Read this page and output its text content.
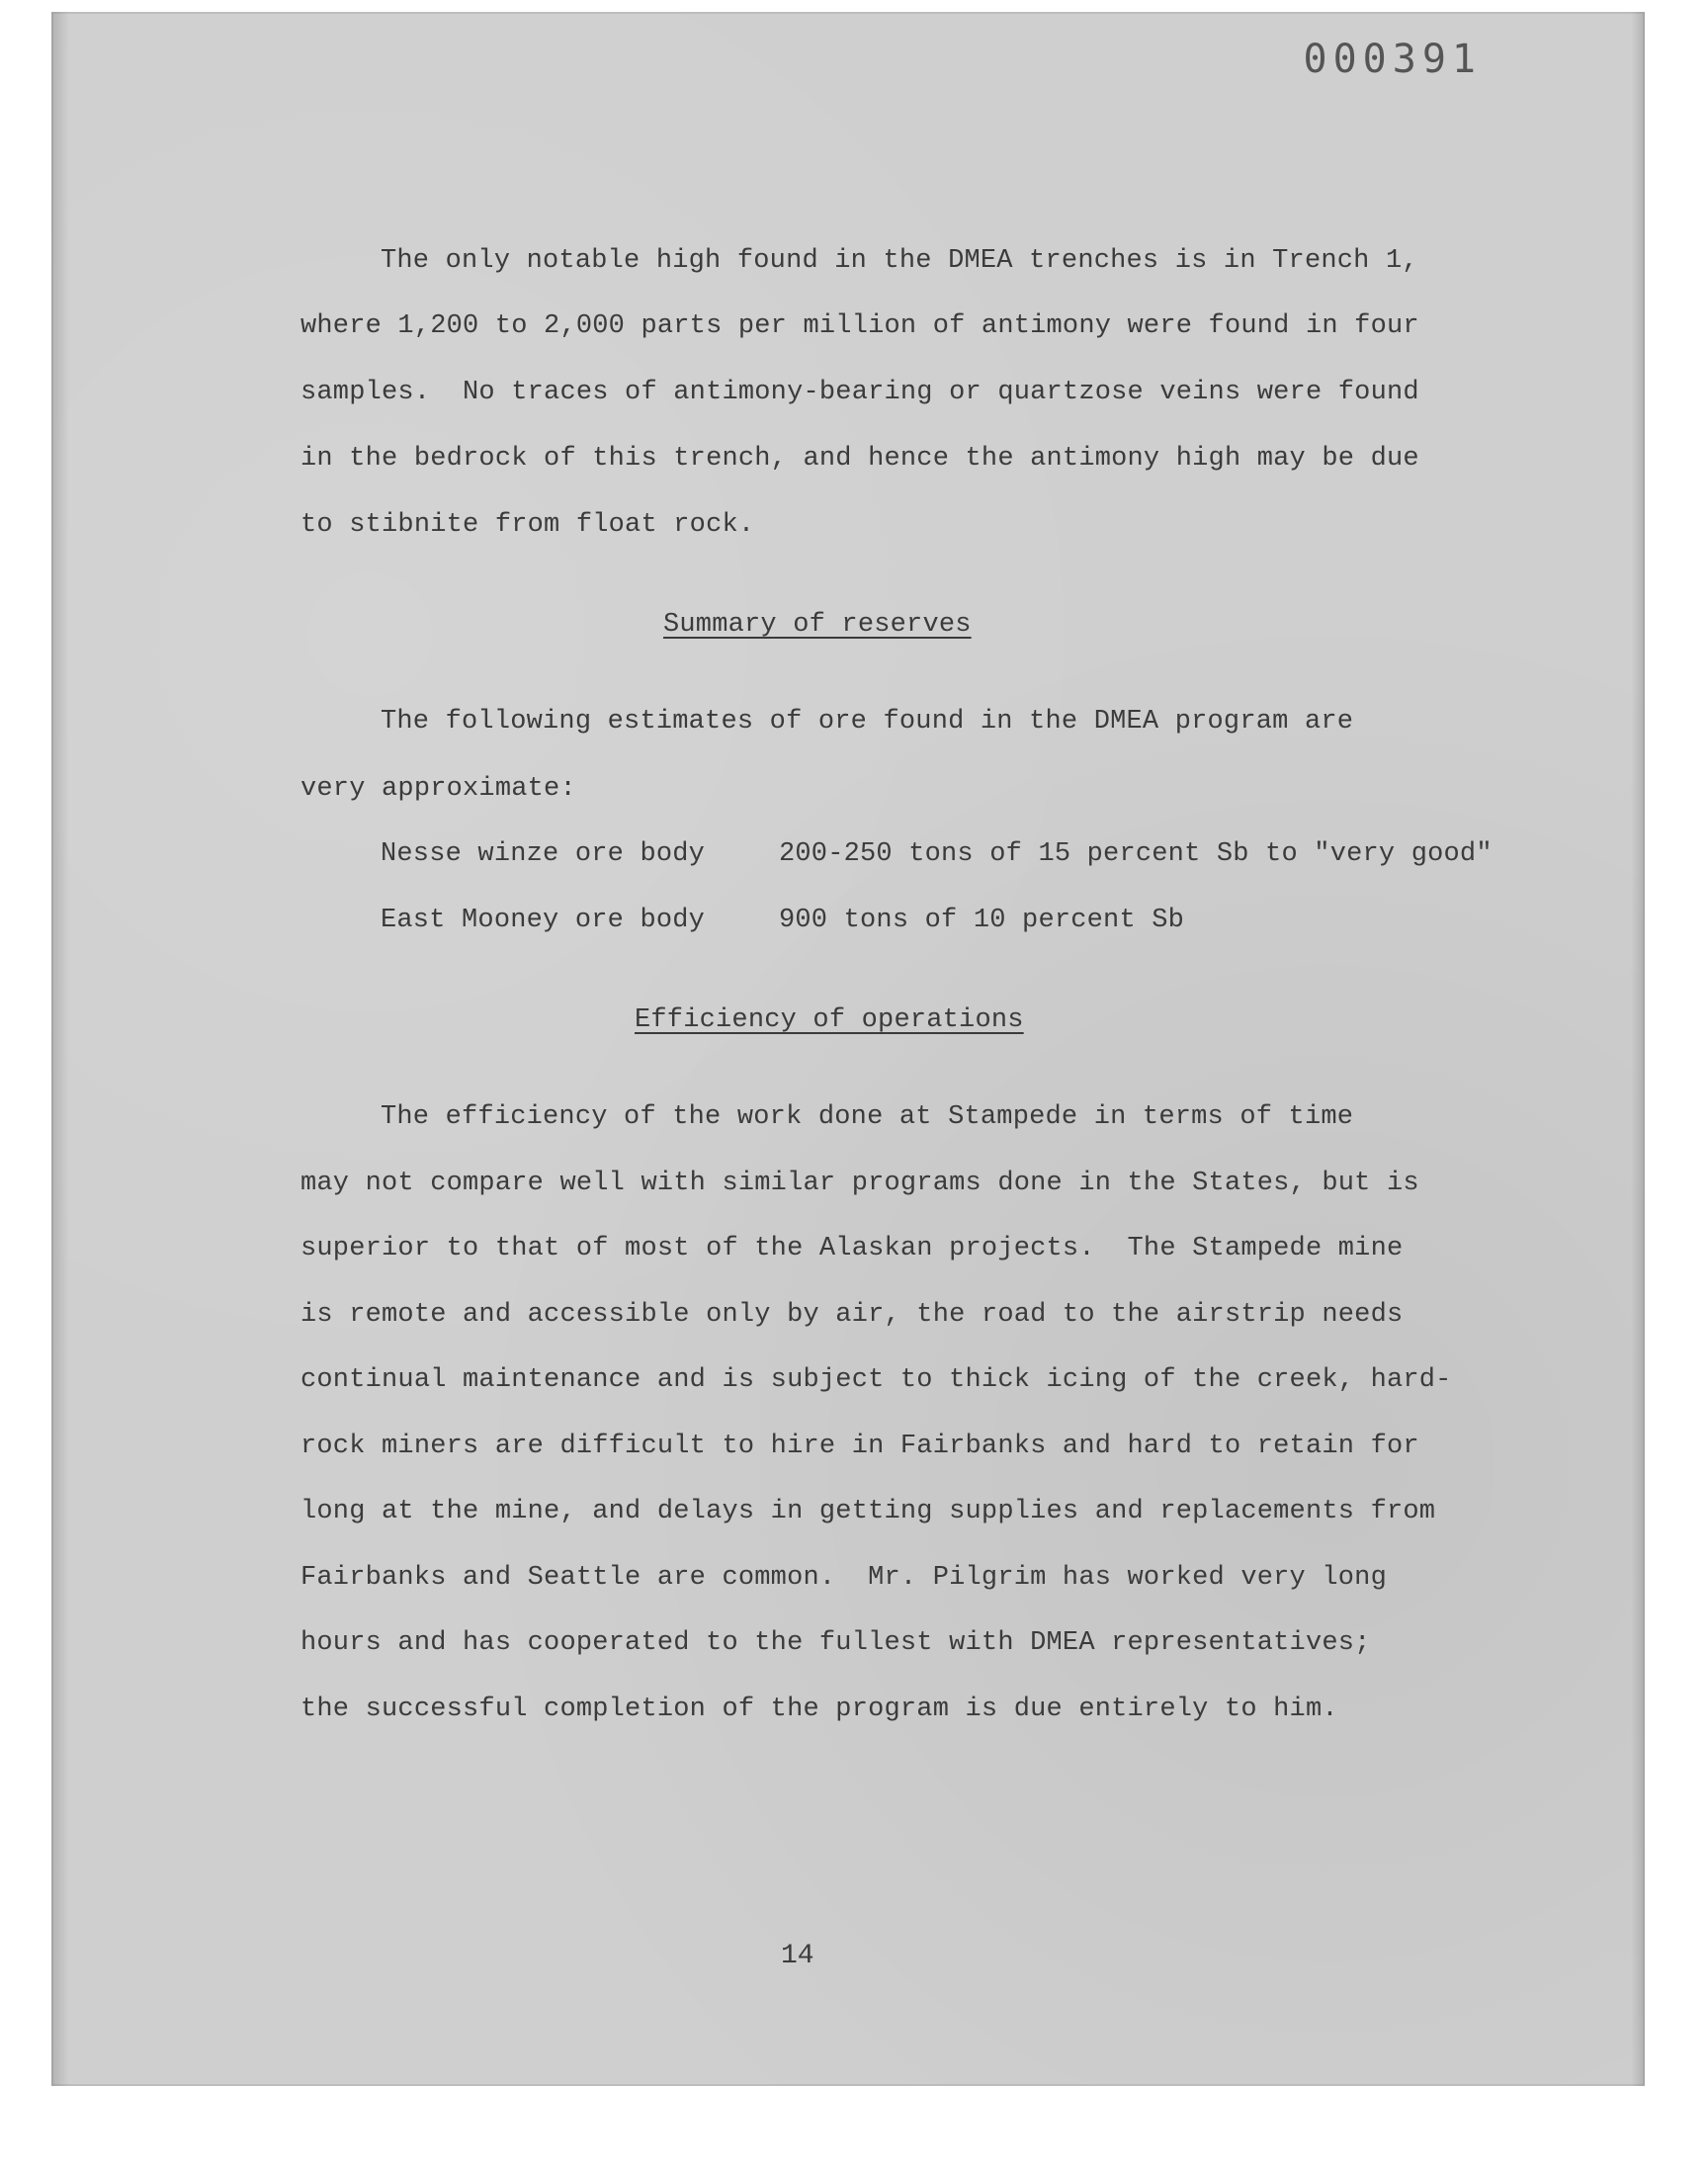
000391
The only notable high found in the DMEA trenches is in Trench 1,
where 1,200 to 2,000 parts per million of antimony were found in four
samples.  No traces of antimony-bearing or quartzose veins were found
in the bedrock of this trench, and hence the antimony high may be due
to stibnite from float rock.
Summary of reserves
The following estimates of ore found in the DMEA program are
very approximate:
Nesse winze ore body	200-250 tons of 15 percent Sb to "very good"
East Mooney ore body	900 tons of 10 percent Sb
Efficiency of operations
The efficiency of the work done at Stampede in terms of time
may not compare well with similar programs done in the States, but is
superior to that of most of the Alaskan projects.  The Stampede mine
is remote and accessible only by air, the road to the airstrip needs
continual maintenance and is subject to thick icing of the creek, hard-
rock miners are difficult to hire in Fairbanks and hard to retain for
long at the mine, and delays in getting supplies and replacements from
Fairbanks and Seattle are common.  Mr. Pilgrim has worked very long
hours and has cooperated to the fullest with DMEA representatives;
the successful completion of the program is due entirely to him.
14
